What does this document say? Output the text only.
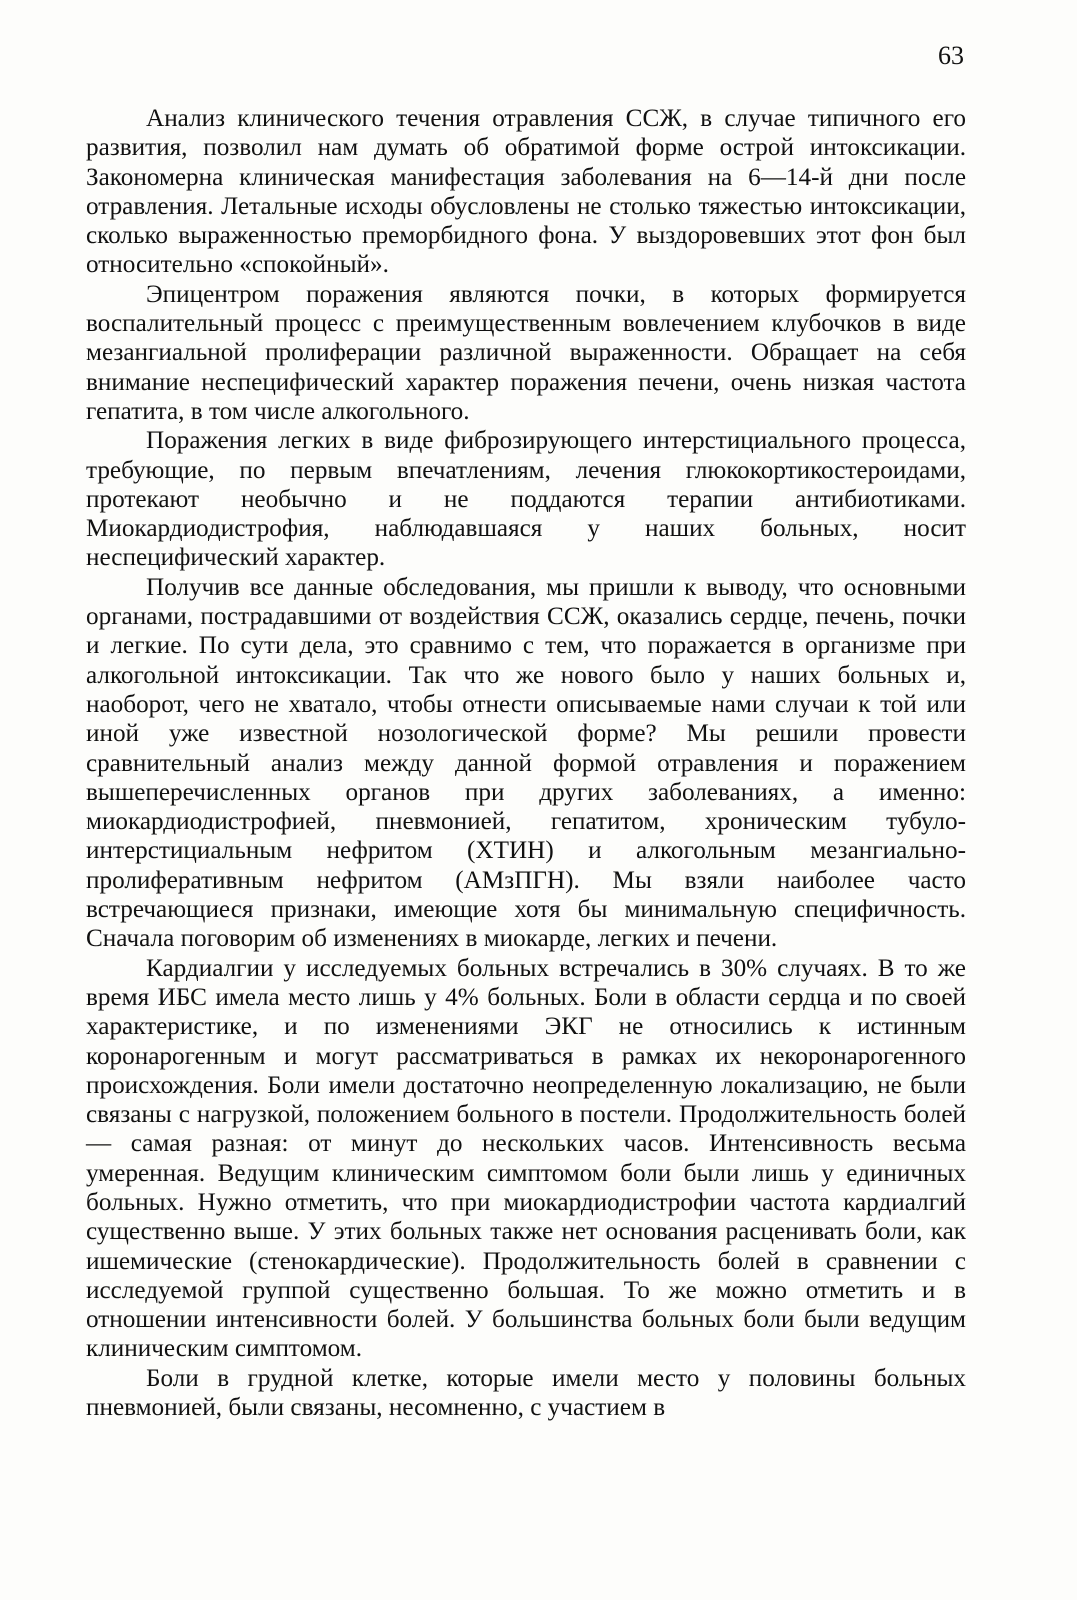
63

Анализ клинического течения отравления ССЖ, в случае типичного его развития, позволил нам думать об обратимой форме острой интоксикации. Закономерна клиническая манифестация заболевания на 6—14-й дни после отравления. Летальные исходы обусловлены не столько тяжестью интоксикации, сколько выраженностью преморбидного фона. У выздоровевших этот фон был относительно «спокойный».

Эпицентром поражения являются почки, в которых формируется воспалительный процесс с преимущественным вовлечением клубочков в виде мезангиальной пролиферации различной выраженности. Обращает на себя внимание неспецифический характер поражения печени, очень низкая частота гепатита, в том числе алкогольного.

Поражения легких в виде фиброзирующего интерстициального процесса, требующие, по первым впечатлениям, лечения глюкокортикостероидами, протекают необычно и не поддаются терапии антибиотиками. Миокардиодистрофия, наблюдавшаяся у наших больных, носит неспецифический характер.

Получив все данные обследования, мы пришли к выводу, что основными органами, пострадавшими от воздействия ССЖ, оказались сердце, печень, почки и легкие. По сути дела, это сравнимо с тем, что поражается в организме при алкогольной интоксикации. Так что же нового было у наших больных и, наоборот, чего не хватало, чтобы отнести описываемые нами случаи к той или иной уже известной нозологической форме? Мы решили провести сравнительный анализ между данной формой отравления и поражением вышеперечисленных органов при других заболеваниях, а именно: миокардиодистрофией, пневмонией, гепатитом, хроническим тубуло-интерстициальным нефритом (ХТИН) и алкогольным мезангиально-пролиферативным нефритом (АМзПГН). Мы взяли наиболее часто встречающиеся признаки, имеющие хотя бы минимальную специфичность. Сначала поговорим об изменениях в миокарде, легких и печени.

Кардиалгии у исследуемых больных встречались в 30% случаях. В то же время ИБС имела место лишь у 4% больных. Боли в области сердца и по своей характеристике, и по изменениями ЭКГ не относились к истинным коронарогенным и могут рассматриваться в рамках их некоронарогенного происхождения. Боли имели достаточно неопределенную локализацию, не были связаны с нагрузкой, положением больного в постели. Продолжительность болей — самая разная: от минут до нескольких часов. Интенсивность весьма умеренная. Ведущим клиническим симптомом боли были лишь у единичных больных. Нужно отметить, что при миокардиодистрофии частота кардиалгий существенно выше. У этих больных также нет основания расценивать боли, как ишемические (стенокардические). Продолжительность болей в сравнении с исследуемой группой существенно большая. То же можно отметить и в отношении интенсивности болей. У большинства больных боли были ведущим клиническим симптомом.

Боли в грудной клетке, которые имели место у половины больных пневмонией, были связаны, несомненно, с участием в
